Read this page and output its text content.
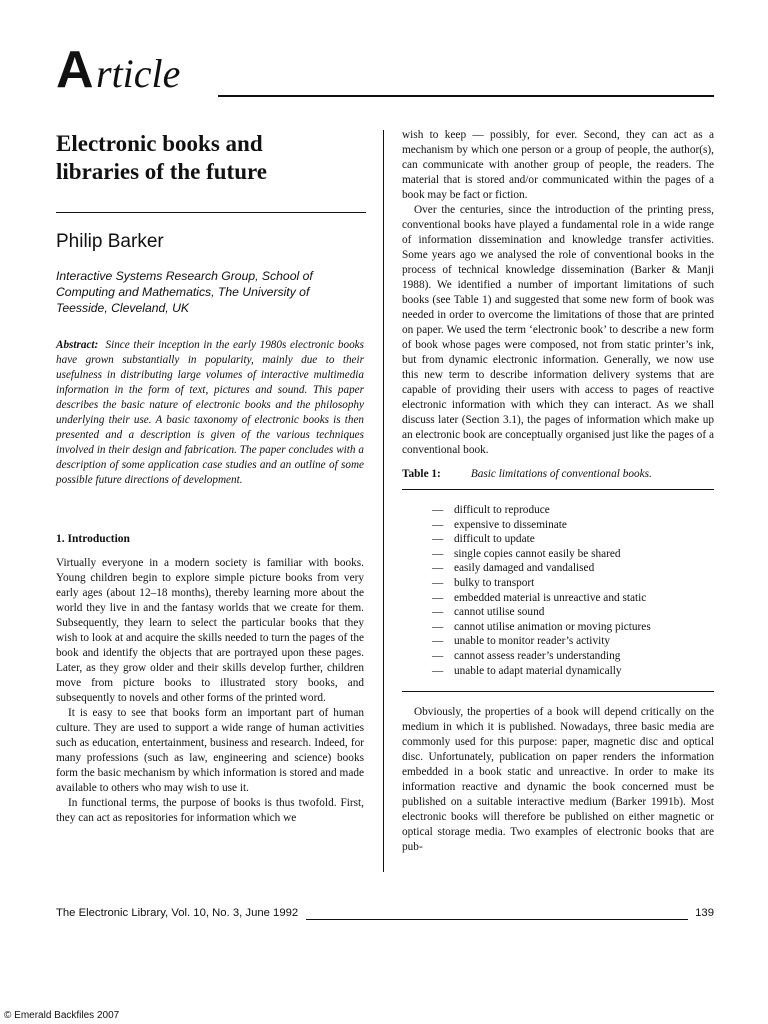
A rticle
Electronic books and
libraries of the future
Philip Barker
Interactive Systems Research Group, School of Computing and Mathematics, The University of Teesside, Cleveland, UK

Abstract: Since their inception in the early 1980s electronic books have grown substantially in popularity, mainly due to their usefulness in distributing large volumes of interactive multimedia information in the form of text, pictures and sound. This paper describes the basic nature of electronic books and the philosophy underlying their use. A basic taxonomy of electronic books is then presented and a description is given of the various techniques involved in their design and fabrication. The paper concludes with a description of some application case studies and an outline of some possible future directions of development.

1. Introduction

Virtually everyone in a modern society is familiar with books. Young children begin to explore simple picture books from very early ages (about 12–18 months), thereby learning more about the world they live in and the fantasy worlds that we create for them. Subsequently, they learn to select the particular books that they wish to look at and acquire the skills needed to turn the pages of the book and identify the objects that are portrayed upon these pages. Later, as they grow older and their skills develop further, children move from picture books to illustrated story books, and subsequently to novels and other forms of the printed word.

It is easy to see that books form an important part of human culture. They are used to support a wide range of human activities such as education, entertainment, business and research. Indeed, for many professions (such as law, engineering and science) books form the basic mechanism by which information is stored and made available to others who may wish to use it.

In functional terms, the purpose of books is thus twofold. First, they can act as repositories for information which we

wish to keep — possibly, for ever. Second, they can act as a mechanism by which one person or a group of people, the author(s), can communicate with another group of people, the readers. The material that is stored and/or communicated within the pages of a book may be fact or fiction.

Over the centuries, since the introduction of the printing press, conventional books have played a fundamental role in a wide range of information dissemination and knowledge transfer activities. Some years ago we analysed the role of conventional books in the process of technical knowledge dissemination (Barker & Manji 1988). We identified a number of important limitations of such books (see Table 1) and suggested that some new form of book was needed in order to overcome the limitations of those that are printed on paper. We used the term ‘electronic book’ to describe a new form of book whose pages were composed, not from static printer’s ink, but from dynamic electronic information. Generally, we now use this new term to describe information delivery systems that are capable of providing their users with access to pages of reactive electronic information with which they can interact. As we shall discuss later (Section 3.1), the pages of information which make up an electronic book are conceptually organised just like the pages of a conventional book.

Table 1:	Basic limitations of conventional books.
— difficult to reproduce
— expensive to disseminate
— difficult to update
— single copies cannot easily be shared
— easily damaged and vandalised
— bulky to transport
— embedded material is unreactive and static
— cannot utilise sound
— cannot utilise animation or moving pictures
— unable to monitor reader’s activity
— cannot assess reader’s understanding
— unable to adapt material dynamically

Obviously, the properties of a book will depend critically on the medium in which it is published. Nowadays, three basic media are commonly used for this purpose: paper, magnetic disc and optical disc. Unfortunately, publication on paper renders the information embedded in a book static and unreactive. In order to make its information reactive and dynamic the book concerned must be published on a suitable interactive medium (Barker 1991b). Most electronic books will therefore be published on either magnetic or optical storage media. Two examples of electronic books that are pub-

The Electronic Library, Vol. 10, No. 3, June 1992	139
© Emerald Backfiles 2007
